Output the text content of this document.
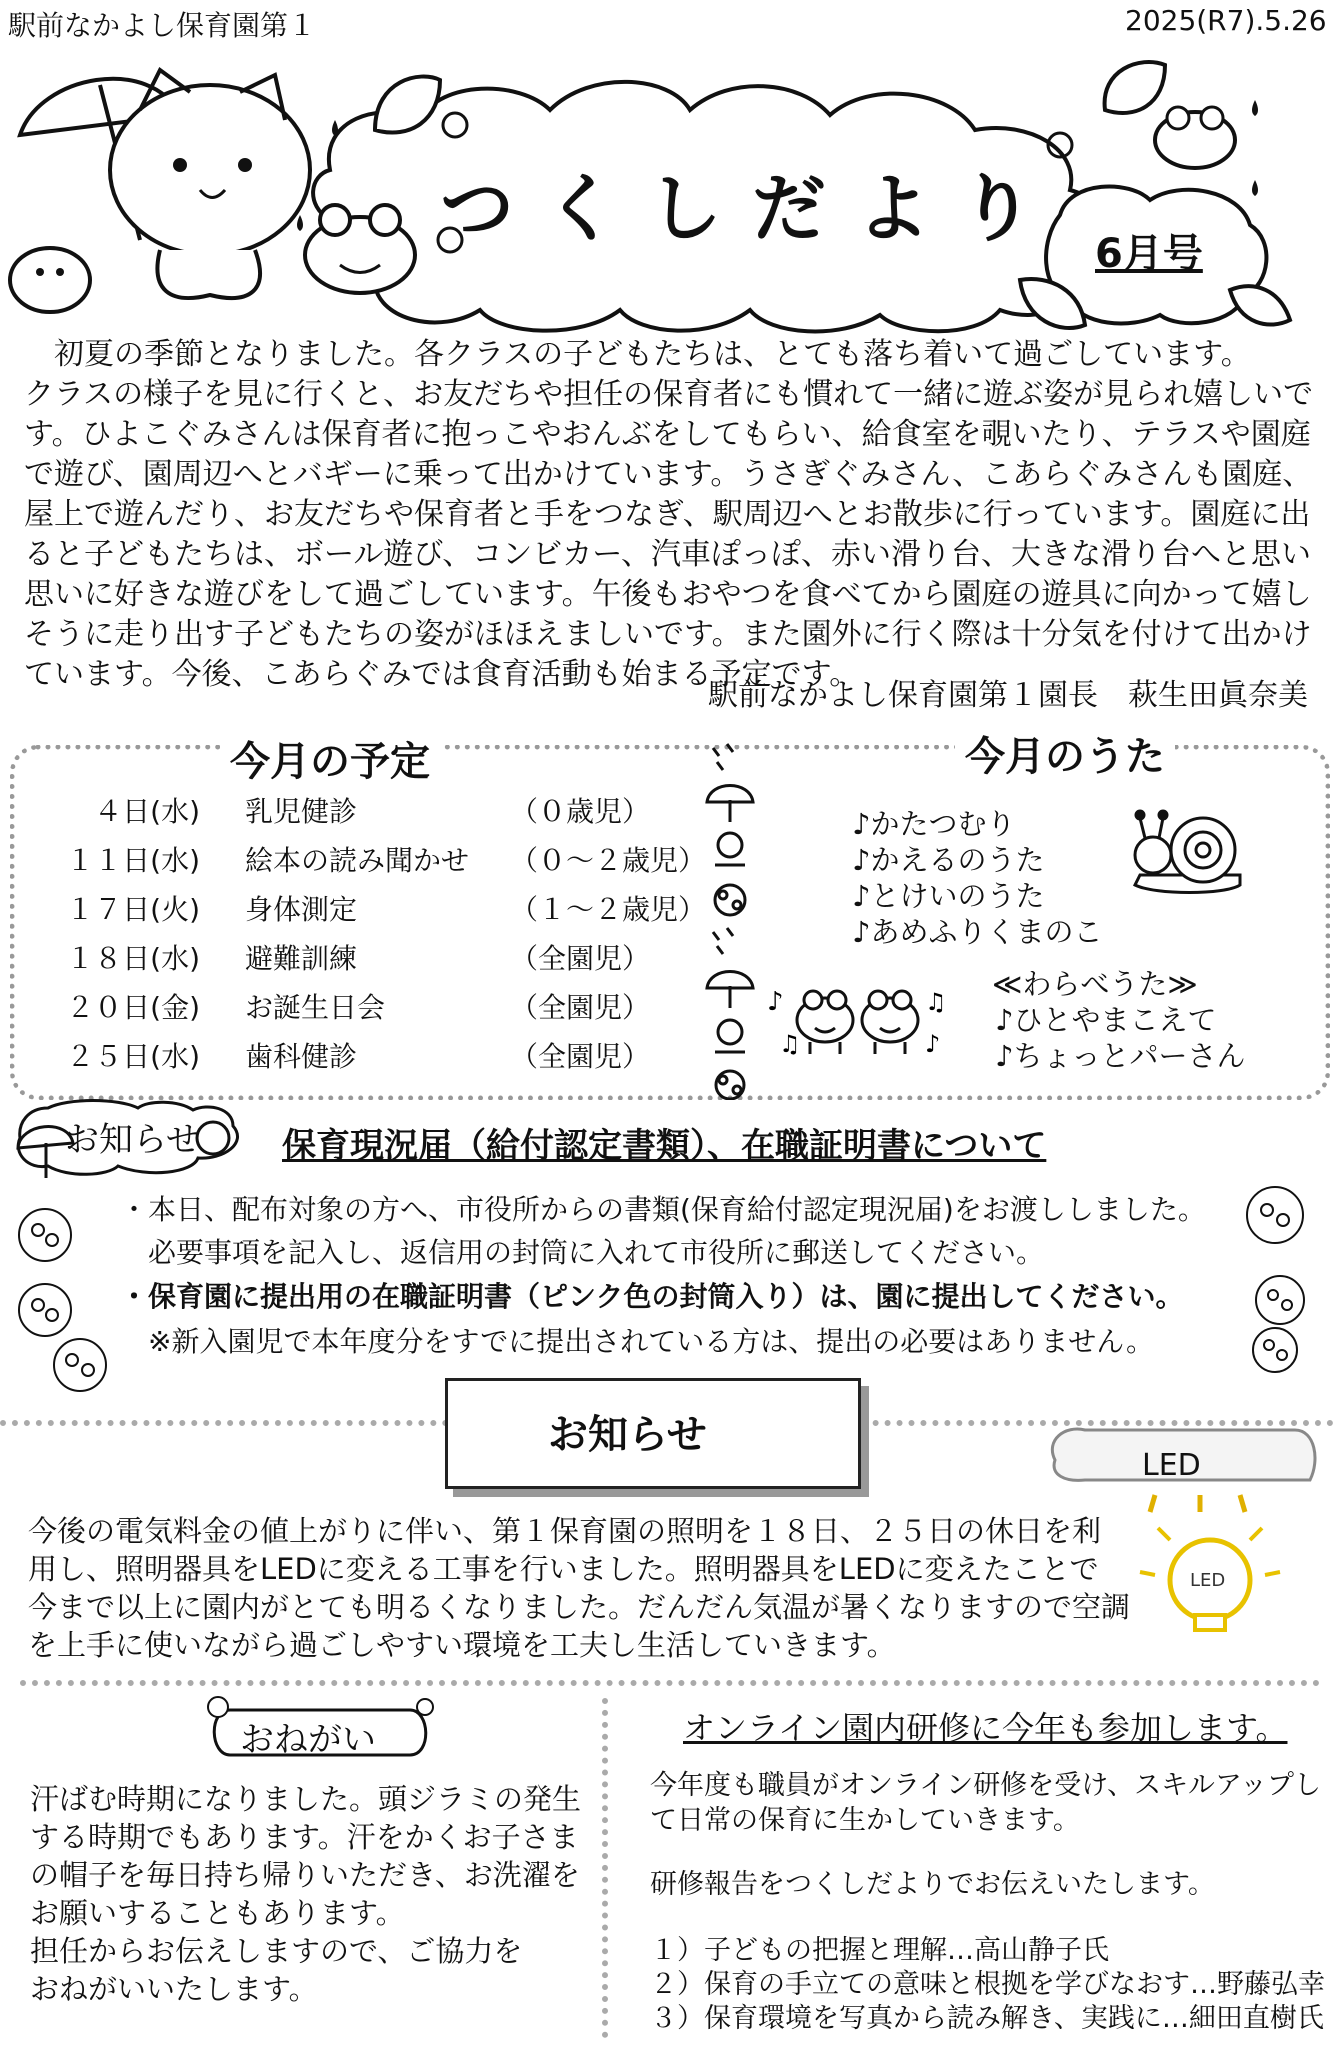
駅前なかよし保育園第１	2025(R7).5.26
つくしだより
6月号

　初夏の季節となりました。各クラスの子どもたちは、とても落ち着いて過ごしています。

クラスの様子を見に行くと、お友だちや担任の保育者にも慣れて一緒に遊ぶ姿が見られ嬉しいで

す。ひよこぐみさんは保育者に抱っこやおんぶをしてもらい、給食室を覗いたり、テラスや園庭

で遊び、園周辺へとバギーに乗って出かけています。うさぎぐみさん、こあらぐみさんも園庭、

屋上で遊んだり、お友だちや保育者と手をつなぎ、駅周辺へとお散歩に行っています。園庭に出

ると子どもたちは、ボール遊び、コンビカー、汽車ぽっぽ、赤い滑り台、大きな滑り台へと思い

思いに好きな遊びをして過ごしています。午後もおやつを食べてから園庭の遊具に向かって嬉し

そうに走り出す子どもたちの姿がほほえましいです。また園外に行く際は十分気を付けて出かけ

ています。今後、こあらぐみでは食育活動も始まる予定です。

駅前なかよし保育園第１園長　萩生田眞奈美
今月の予定	今月のうた
４日(水) 乳児健診	（０歳児）
１１日(水) 絵本の読み聞かせ （０～２歳児）
１７日(火) 身体測定	（１～２歳児）
１８日(水) 避難訓練	（全園児）
２０日(金) お誕生日会	（全園児）
２５日(水) 歯科健診	（全園児）
♪かたつむり
♪かえるのうた
♪とけいのうた
♪あめふりくまのこ
≪わらべうた≫
♪ひとやまこえて
♪ちょっとパーさん
♪
♫
♫
♪
お知らせ 保育現況届（給付認定書類）、在職証明書について
・本日、配布対象の方へ、市役所からの書類(保育給付認定現況届)をお渡ししました。
　必要事項を記入し、返信用の封筒に入れて市役所に郵送してください。
・保育園に提出用の在職証明書（ピンク色の封筒入り）は、園に提出してください。
　※新入園児で本年度分をすでに提出されている方は、提出の必要はありません。
お知らせ
LED
LED

今後の電気料金の値上がりに伴い、第１保育園の照明を１８日、２５日の休日を利

用し、照明器具をLEDに変える工事を行いました。照明器具をLEDに変えたことで

今まで以上に園内がとても明るくなりました。だんだん気温が暑くなりますので空調

を上手に使いながら過ごしやすい環境を工夫し生活していきます。

おねがい

汗ばむ時期になりました。頭ジラミの発生

する時期でもあります。汗をかくお子さま

の帽子を毎日持ち帰りいただき、お洗濯を

お願いすることもあります。

担任からお伝えしますので、ご協力を

おねがいいたします。

オンライン園内研修に今年も参加します。
今年度も職員がオンライン研修を受け、スキルアップし
て日常の保育に生かしていきます。
研修報告をつくしだよりでお伝えいたします。
１）子どもの把握と理解…高山静子氏
２）保育の手立ての意味と根拠を学びなおす…野藤弘幸
３）保育環境を写真から読み解き、実践に…細田直樹氏
